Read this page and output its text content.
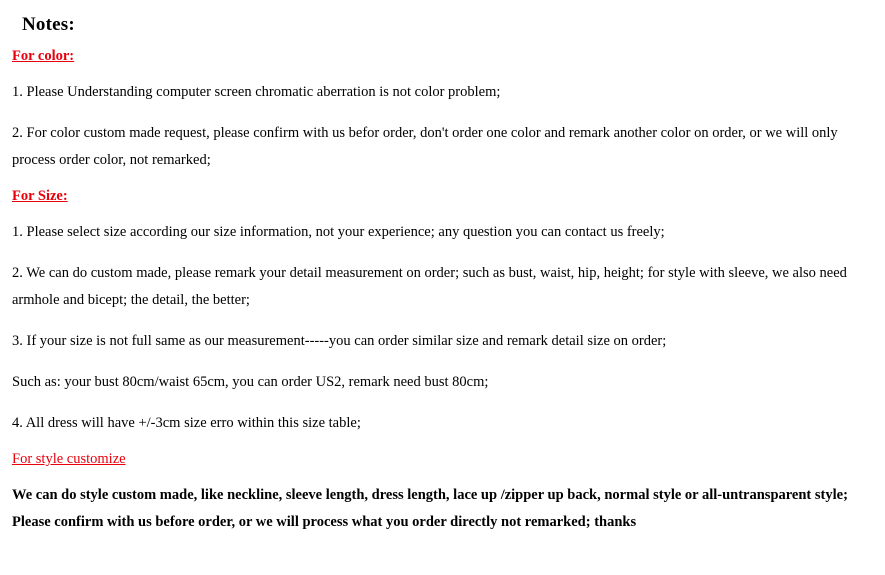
Notes:
For color:
1. Please Understanding computer screen chromatic aberration is not color problem;
2. For color custom made request, please confirm with us befor order, don't order one color and remark another color on order, or we will only process order color, not remarked;
For Size:
1. Please select size according our size information, not your experience; any question you can contact us freely;
2. We can do custom made, please remark your detail measurement on order; such as bust, waist, hip, height; for style with sleeve, we also need armhole and bicept; the detail, the better;
3. If your size is not full same as our measurement-----you can order similar size and remark detail size on order;
Such as: your bust 80cm/waist 65cm, you can order US2, remark need bust 80cm;
4. All dress will have +/-3cm size erro within this size table;
For style customize
We can do style custom made, like neckline, sleeve length, dress length, lace up /zipper up back, normal style or all-untransparent style; Please confirm with us before order, or we will process what you order directly not remarked; thanks
